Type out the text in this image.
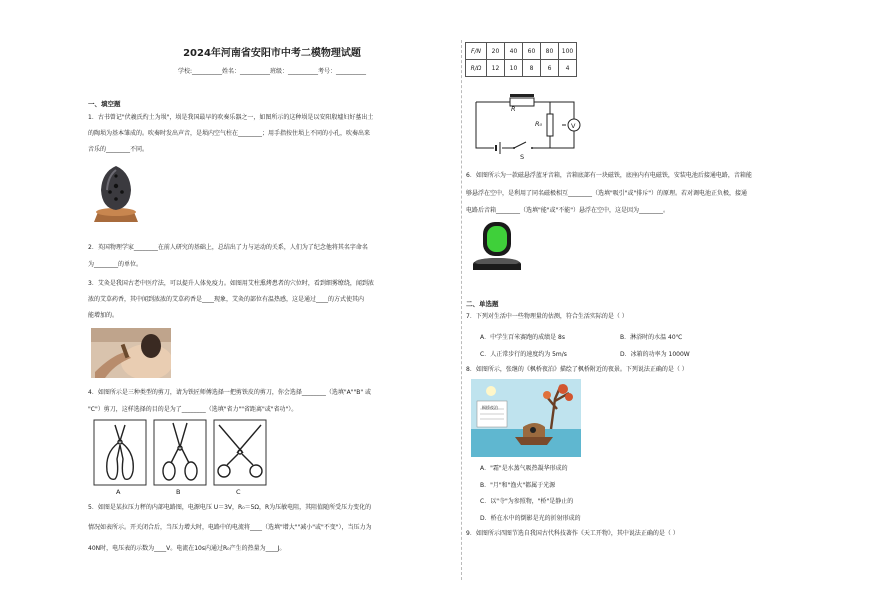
2024年河南省安阳市中考二模物理试题
学校:__________姓名：__________班级：__________考号：__________
一、填空题
1．古书曾记"伏羲氏灼土为埙"，埙是我国最早的吹奏乐器之一，如图所示的这种埙是以安阳殷墟妇好墓出土
的陶埙为基本雏成的。吹奏时发出声音，是埙内空气柱在________；用手指按住埙上不同的小孔，吹奏出来
音乐的________不同。
2．英国物理学家________在前人研究的基础上，总结出了力与运动的关系，人们为了纪念他将其名字命名
为________的单位。
3．艾灸是我国古老中医疗法，可以提升人体免疫力。如图用艾柱熏烤患者的穴位时，看到细雾缭绕，闻到浓
浓的艾草药香，其中闻到浓浓的艾草药香是____现象，艾灸的部位有温热感，这是通过____的方式使其内
能增加的。
4．如图所示是三种类型的剪刀，请为铁匠师傅选择一把剪铁皮的剪刀，你会选择________（选填"A""B" 或
"C"）剪刀，这样选择的目的是为了________（选填"省力""省距离"或"省功"）。
A	B	C
5．如图是某拉压力秤的内部电路图，电源电压 U＝3V，R₀＝5Ω，R为压敏电阻，其阻值随所受压力变化的
情况如表所示。开关闭合后，当压力增大时，电路中的电流将____（选填"增大""减小"或"不变"），当压力为
40N时，电压表的示数为____V。电流在10s内通过R₀产生的热量为____J。
F/N	20	40	60	80	100
R/Ω	12	10	8	6	4
R
R₀	V
S
6．如图所示为一款磁悬浮蓝牙音箱，音箱底部有一块磁铁，底座内有电磁铁，安装电池后接通电路，音箱能
够悬浮在空中，是利用了同名磁极相互________（选填"吸引"或"排斥"）的原理。若对调电池正负极，接通
电路后音箱________（选填"能"或"不能"）悬浮在空中，这是因为________。
二、单选题
7．下列对生活中一些物理量的估测，符合生活实际的是（ ）
A．中学生百米赛跑的成绩是 8s	B．淋浴时的水温 40℃
C．人正常步行的速度约为 5m/s	D．冰箱的功率为 1000W
8．如图所示，张继的《枫桥夜泊》描绘了枫桥附近的夜景。下列说法正确的是（ ）
枫桥夜泊
A．"霜"是水蒸气吸热凝华形成的
B．"月"和"渔火"都属于光源
C．以"寺"为参照物，"桥"是静止的
D．桥在水中的倒影是光的折射形成的
9．如图所示四图节选自我国古代科技著作《天工开物》，其中说法正确的是（ ）
